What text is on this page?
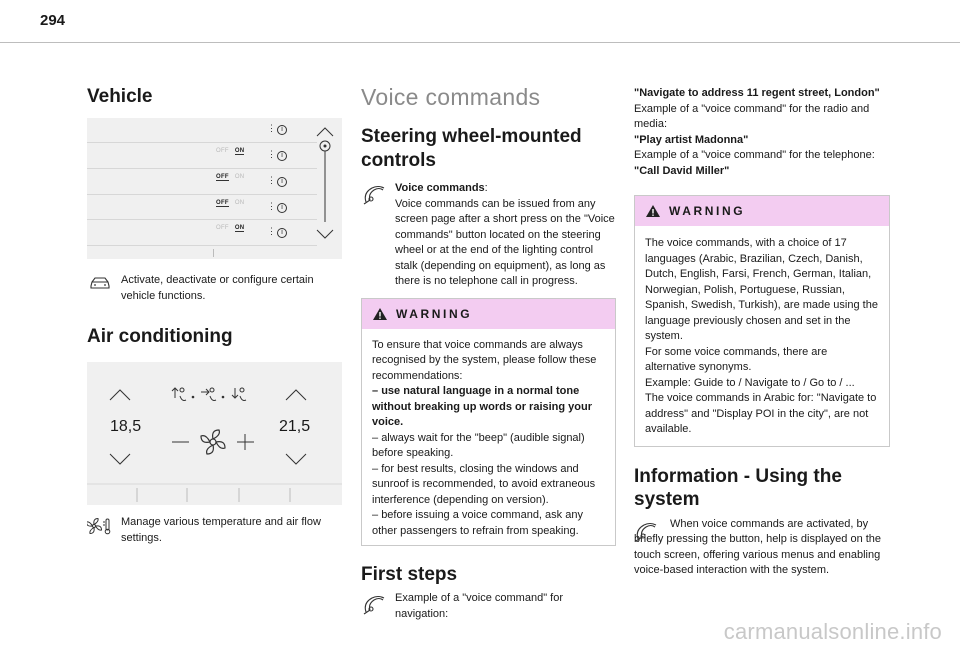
294
Vehicle
⋮ i
OFF ON	⋮ i
OFF ON	⋮ i
OFF ON	⋮ i
OFF ON	⋮ i
Activate, deactivate or configure certain vehicle functions.
Air conditioning
18,5	21,5
Manage various temperature and air flow settings.
Voice commands
Steering wheel-mounted
controls
Voice commands:
Voice commands can be issued from any screen page after a short press on the "Voice commands" button located on the steering wheel or at the end of the lighting control stalk (depending on equipment), as long as there is no telephone call in progress.
WARNING
To ensure that voice commands are always recognised by the system, please follow these recommendations:
– use natural language in a normal tone without breaking up words or raising your voice.
– always wait for the "beep" (audible signal) before speaking.
– for best results, closing the windows and sunroof is recommended, to avoid extraneous interference (depending on version).
– before issuing a voice command, ask any other passengers to refrain from speaking.
First steps
Example of a "voice command" for navigation:
"Navigate to address 11 regent street, London"
Example of a "voice command" for the radio and media:
"Play artist Madonna"
Example of a "voice command" for the telephone:
"Call David Miller"
WARNING
The voice commands, with a choice of 17 languages (Arabic, Brazilian, Czech, Danish, Dutch, English, Farsi, French, German, Italian, Norwegian, Polish, Portuguese, Russian, Spanish, Swedish, Turkish), are made using the language previously chosen and set in the system.
For some voice commands, there are alternative synonyms.
Example: Guide to / Navigate to / Go to / ...
The voice commands in Arabic for: "Navigate to address" and "Display POI in the city", are not available.
Information - Using the
system
When voice commands are activated, by briefly pressing the button, help is displayed on the touch screen, offering various menus and enabling voice-based interaction with the system.
carmanualsonline.info
